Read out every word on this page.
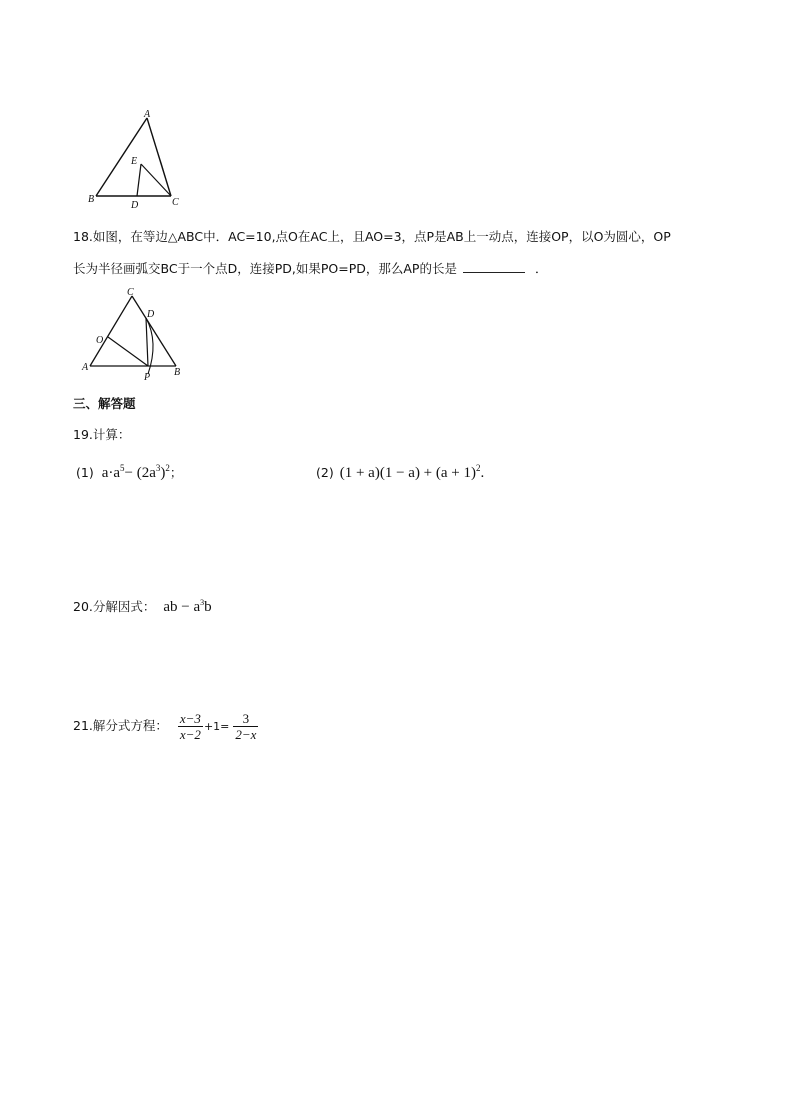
A
B	C
D
E
18.如图，在等边△ABC中．AC=10,点O在AC上，且AO=3，点P是AB上一动点，连接OP，以O为圆心，OP
长为半径画弧交BC于一个点D，连接PD,如果PO=PD，那么AP的长是	．
C
D
O
A
P B
三、解答题
19.计算：
(1) $a\cdot a^5- (2a^3)^2$；	(2) $(1 + a)(1 - a) + (a + 1)^2$.
20.分解因式： ab − $a^3b$
21.解分式方程： $\frac{x-3}{x-2} +1= \frac{3}{2-x}$
